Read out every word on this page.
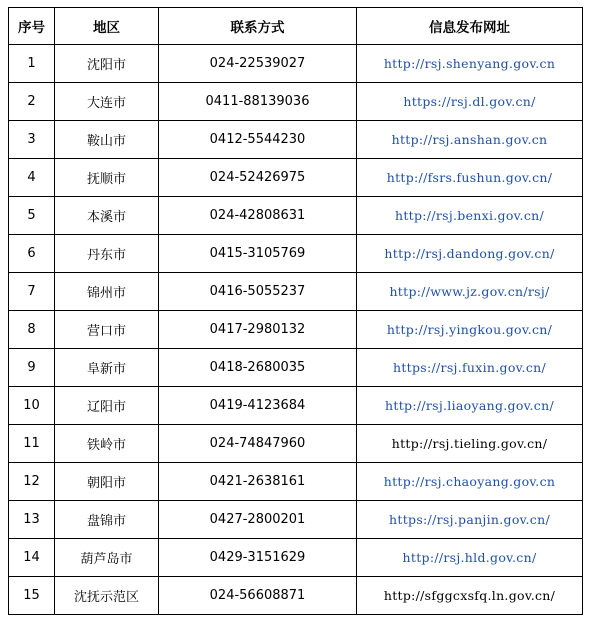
序号	地区	联系方式	信息发布网址
1	沈阳市	024-22539027	http://rsj.shenyang.gov.cn
2	大连市	0411-88139036	https://rsj.dl.gov.cn/
3	鞍山市	0412-5544230	http://rsj.anshan.gov.cn
4	抚顺市	024-52426975	http://fsrs.fushun.gov.cn/
5	本溪市	024-42808631	http://rsj.benxi.gov.cn/
6	丹东市	0415-3105769	http://rsj.dandong.gov.cn/
7	锦州市	0416-5055237	http://www.jz.gov.cn/rsj/
8	营口市	0417-2980132	http://rsj.yingkou.gov.cn/
9	阜新市	0418-2680035	https://rsj.fuxin.gov.cn/
10	辽阳市	0419-4123684	http://rsj.liaoyang.gov.cn/
11	铁岭市	024-74847960	http://rsj.tieling.gov.cn/
12	朝阳市	0421-2638161	http://rsj.chaoyang.gov.cn
13	盘锦市	0427-2800201	https://rsj.panjin.gov.cn/
14	葫芦岛市	0429-3151629	http://rsj.hld.gov.cn/
15	沈抚示范区	024-56608871	http://sfggcxsfq.ln.gov.cn/
